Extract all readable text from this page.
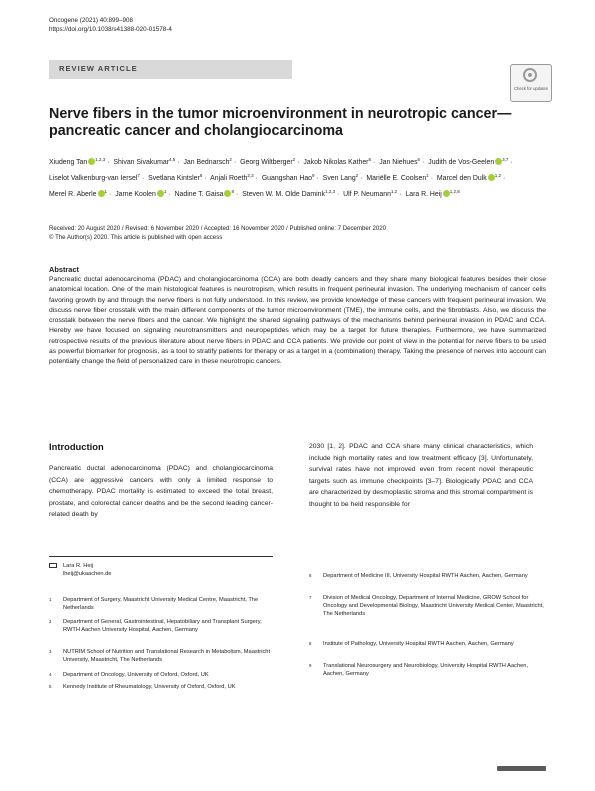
Oncogene (2021) 40:899–908
https://doi.org/10.1038/s41388-020-01578-4
REVIEW ARTICLE
Check for updates
Nerve fibers in the tumor microenvironment in neurotropic cancer—pancreatic cancer and cholangiocarcinoma
Xiudeng Tan $^{1,2,3}$ · Shivan Sivakumar$^{4,5}$ · Jan Bednarsch$^2$ · Georg Wiltberger$^2$ · Jakob Nikolas Kather$^6$ · Jan Niehues$^6$ · Judith de Vos-Geelen $^{3,7}$ · Liselot Valkenburg-van Iersel$^7$ · Svetlana Kintsler$^8$ · Anjali Roeth$^{2,3}$ · Guangshan Hao$^9$ · Sven Lang$^2$ · Mariëlle E. Coolsen$^1$ · Marcel den Dulk $^{1,2}$ · Merel R. Aberle $^1$ · Jarne Koolen $^1$ · Nadine T. Gaisa $^8$ · Steven W. M. Olde Damink$^{1,2,3}$ · Ulf P. Neumann$^{1,2}$ · Lara R. Heij $^{1,2,8}$
Received: 20 August 2020 / Revised: 6 November 2020 / Accepted: 16 November 2020 / Published online: 7 December 2020
© The Author(s) 2020. This article is published with open access
Abstract

Pancreatic ductal adenocarcinoma (PDAC) and cholangiocarcinoma (CCA) are both deadly cancers and they share many biological features besides their close anatomical location. One of the main histological features is neurotropism, which results in frequent perineural invasion. The underlying mechanism of cancer cells favoring growth by and through the nerve fibers is not fully understood. In this review, we provide knowledge of these cancers with frequent perineural invasion. We discuss nerve fiber crosstalk with the main different components of the tumor microenvironment (TME), the immune cells, and the fibroblasts. Also, we discuss the crosstalk between the nerve fibers and the cancer. We highlight the shared signaling pathways of the mechanisms behind perineural invasion in PDAC and CCA. Hereby we have focused on signaling neurotransmitters and neuropeptides which may be a target for future therapies. Furthermore, we have summarized retrospective results of the previous literature about nerve fibers in PDAC and CCA patients. We provide our point of view in the potential for nerve fibers to be used as powerful biomarker for prognosis, as a tool to stratify patients for therapy or as a target in a (combination) therapy. Taking the presence of nerves into account can potentially change the field of personalized care in these neurotropic cancers.

Introduction

Pancreatic ductal adenocarcinoma (PDAC) and cholangiocarcinoma (CCA) are aggressive cancers with only a limited response to chemotherapy. PDAC mortality is estimated to exceed the total breast, prostate, and colorectal cancer deaths and be the second leading cancer-related death by

2030 [1, 2]. PDAC and CCA share many clinical characteristics, which include high mortality rates and low treatment efficacy [3]. Unfortunately, survival rates have not improved even from recent novel therapeutic targets such as immune checkpoints [3–7]. Biologically PDAC and CCA are characterized by desmoplastic stroma and this stromal compartment is thought to be held responsible for

Lara R. Heij
lheij@ukaachen.de
1 Department of Surgery, Maastricht University Medical Centre, Maastricht, The Netherlands
2 Department of General, Gastrointestinal, Hepatobiliary and Transplant Surgery, RWTH Aachen University Hospital, Aachen, Germany
3 NUTRIM School of Nutrition and Translational Research in Metabolism, Maastricht University, Maastricht, The Netherlands
4 Department of Oncology, University of Oxford, Oxford, UK
5 Kennedy Institute of Rheumatology, University of Oxford, Oxford, UK
6 Department of Medicine III, University Hospital RWTH Aachen, Aachen, Germany
7 Division of Medical Oncology, Department of Internal Medicine, GROW School for Oncology and Developmental Biology, Maastricht University Medical Center, Maastricht, The Netherlands
8 Institute of Pathology, University Hospital RWTH Aachen, Aachen, Germany
9 Translational Neurosurgery and Neurobiology, University Hospital RWTH Aachen, Aachen, Germany
